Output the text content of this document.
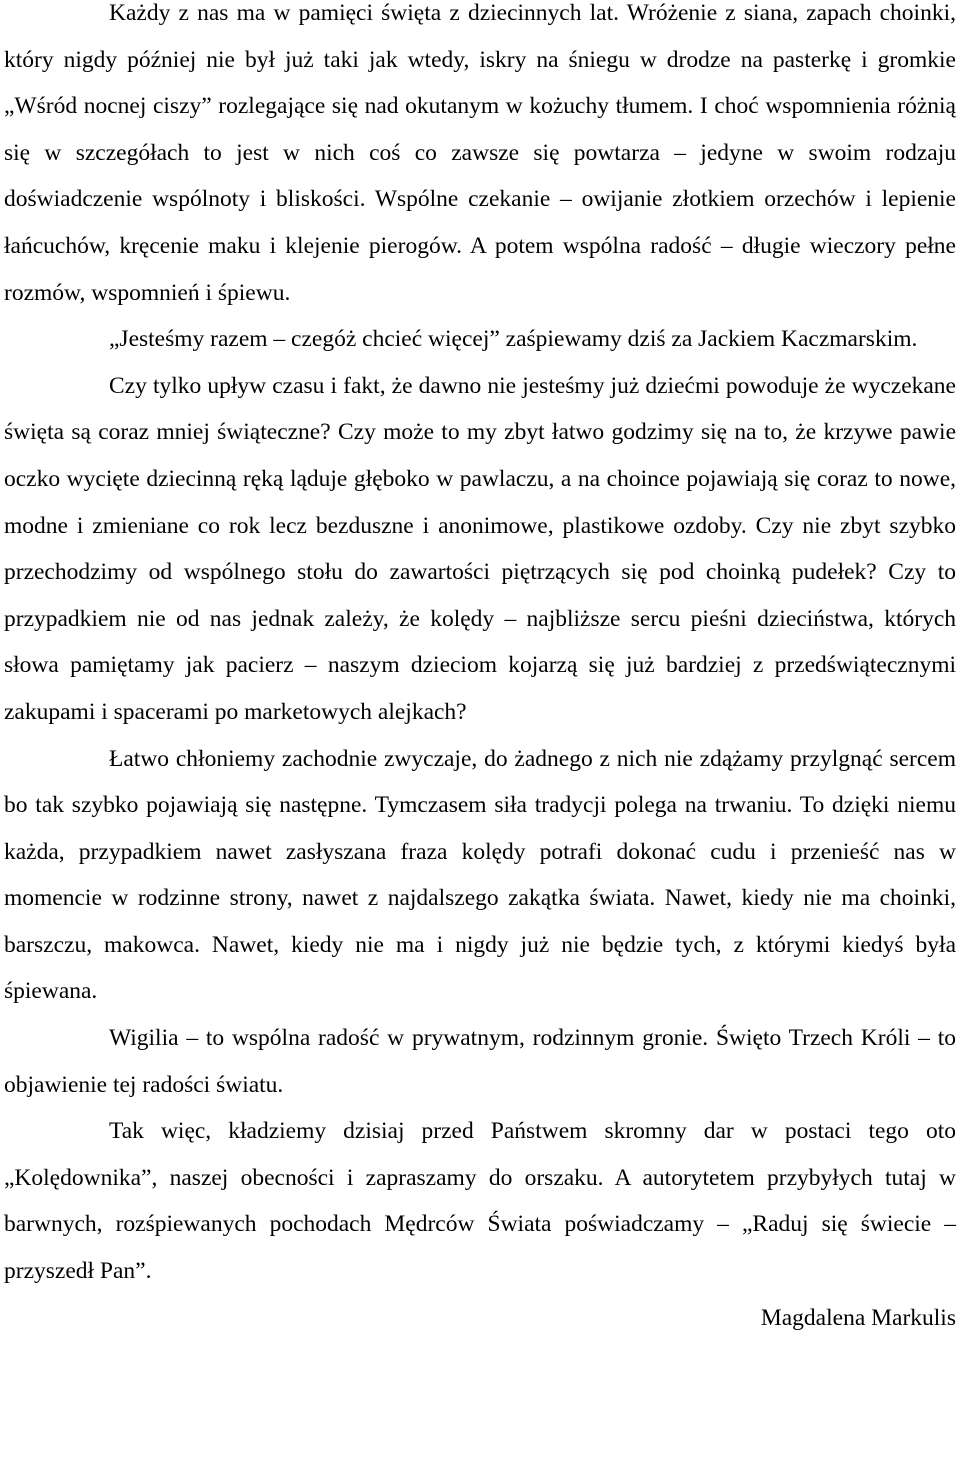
Każdy z nas ma w pamięci święta z dziecinnych lat. Wróżenie z siana, zapach choinki, który nigdy później nie był już taki jak wtedy, iskry na śniegu w drodze na pasterkę i gromkie „Wśród nocnej ciszy” rozlegające się nad okutanym w kożuchy tłumem. I choć wspomnienia różnią się w szczegółach to jest w nich coś co zawsze się powtarza – jedyne w swoim rodzaju doświadczenie wspólnoty i bliskości. Wspólne czekanie – owijanie złotkiem orzechów i lepienie łańcuchów, kręcenie maku i klejenie pierogów. A potem wspólna radość – długie wieczory pełne rozmów, wspomnień i śpiewu.

„Jesteśmy razem – czegóż chcieć więcej” zaśpiewamy dziś za Jackiem Kaczmarskim.

Czy tylko upływ czasu i fakt, że dawno nie jesteśmy już dziećmi powoduje że wyczekane święta są coraz mniej świąteczne? Czy może to my zbyt łatwo godzimy się na to, że krzywe pawie oczko wycięte dziecinną ręką ląduje głęboko w pawlaczu, a na choince pojawiają się coraz to nowe, modne i zmieniane co rok lecz bezduszne i anonimowe, plastikowe ozdoby. Czy nie zbyt szybko przechodzimy od wspólnego stołu do zawartości piętrzących się pod choinką pudełek? Czy to przypadkiem nie od nas jednak zależy, że kolędy – najbliższe sercu pieśni dzieciństwa, których słowa pamiętamy jak pacierz – naszym dzieciom kojarzą się już bardziej z przedświątecznymi zakupami i spacerami po marketowych alejkach?

Łatwo chłoniemy zachodnie zwyczaje, do żadnego z nich nie zdążamy przylgnąć sercem bo tak szybko pojawiają się następne. Tymczasem siła tradycji polega na trwaniu. To dzięki niemu każda, przypadkiem nawet zasłyszana fraza kolędy potrafi dokonać cudu i przenieść nas w momencie w rodzinne strony, nawet z najdalszego zakątka świata. Nawet, kiedy nie ma choinki, barszczu, makowca. Nawet, kiedy nie ma i nigdy już nie będzie tych, z którymi kiedyś była śpiewana.

Wigilia – to wspólna radość w prywatnym, rodzinnym gronie. Święto Trzech Króli – to objawienie tej radości światu.

Tak więc, kładziemy dzisiaj przed Państwem skromny dar w postaci tego oto „Kolędownika”, naszej obecności i zapraszamy do orszaku. A autorytetem przybyłych tutaj w barwnych, rozśpiewanych pochodach Mędrców Świata poświadczamy – „Raduj się świecie – przyszedł Pan”.

Magdalena Markulis
